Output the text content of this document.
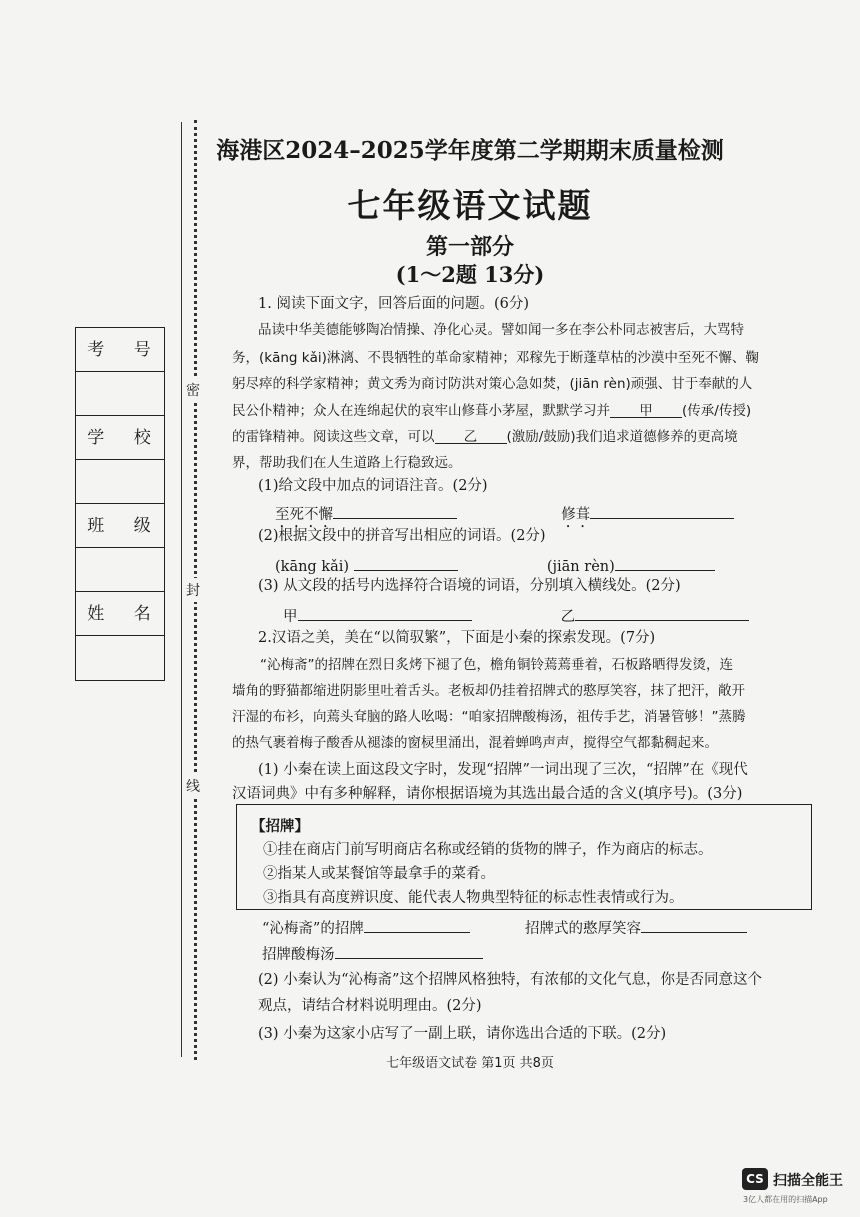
海港区2024–2025学年度第二学期期末质量检测
七年级语文试题
第一部分
(1～2题 13分)
密
封
线
考 号
学 校
班 级
姓 名
1. 阅读下面文字，回答后面的问题。(6分)
品读中华美德能够陶冶情操、净化心灵。譬如闻一多在李公朴同志被害后，大骂特
务，(kāng kǎi)淋漓、不畏牺牲的革命家精神；邓稼先于断蓬草枯的沙漠中至死不懈、鞠
躬尽瘁的科学家精神；黄文秀为商讨防洪对策心急如焚，(jiān rèn)顽强、甘于奉献的人
民公仆精神；众人在连绵起伏的哀牢山修葺小茅屋，默默学习并 甲 (传承/传授)
的雷锋精神。阅读这些文章，可以 乙 (激励/鼓励)我们追求道德修养的更高境
界，帮助我们在人生道路上行稳致远。
(1)给文段中加点的词语注音。(2分)
至死不懈	修葺
(2)根据文段中的拼音写出相应的词语。(2分)
(kāng kǎi)	(jiān rèn)
(3) 从文段的括号内选择符合语境的词语，分别填入横线处。(2分)
甲	乙
2.汉语之美，美在“以简驭繁”，下面是小秦的探索发现。(7分)
“沁梅斋”的招牌在烈日炙烤下褪了色，檐角铜铃蔫蔫垂着，石板路晒得发烫，连
墙角的野猫都缩进阴影里吐着舌头。老板却仍挂着招牌式的憨厚笑容，抹了把汗，敞开
汗湿的布衫，向蔫头耷脑的路人吆喝：“咱家招牌酸梅汤，祖传手艺，消暑管够！”蒸腾
的热气裹着梅子酸香从褪漆的窗棂里涌出，混着蝉鸣声声，搅得空气都黏稠起来。
(1) 小秦在读上面这段文字时，发现“招牌”一词出现了三次，“招牌”在《现代
汉语词典》中有多种解释，请你根据语境为其选出最合适的含义(填序号)。(3分)
【招牌】
①挂在商店门前写明商店名称或经销的货物的牌子，作为商店的标志。
②指某人或某餐馆等最拿手的菜肴。
③指具有高度辨识度、能代表人物典型特征的标志性表情或行为。
“沁梅斋”的招牌	招牌式的憨厚笑容
招牌酸梅汤
(2) 小秦认为“沁梅斋”这个招牌风格独特，有浓郁的文化气息，你是否同意这个
观点，请结合材料说明理由。(2分)
(3) 小秦为这家小店写了一副上联，请你选出合适的下联。(2分)
七年级语文试卷 第1页 共8页
CS 扫描全能王
3亿人都在用的扫描App
